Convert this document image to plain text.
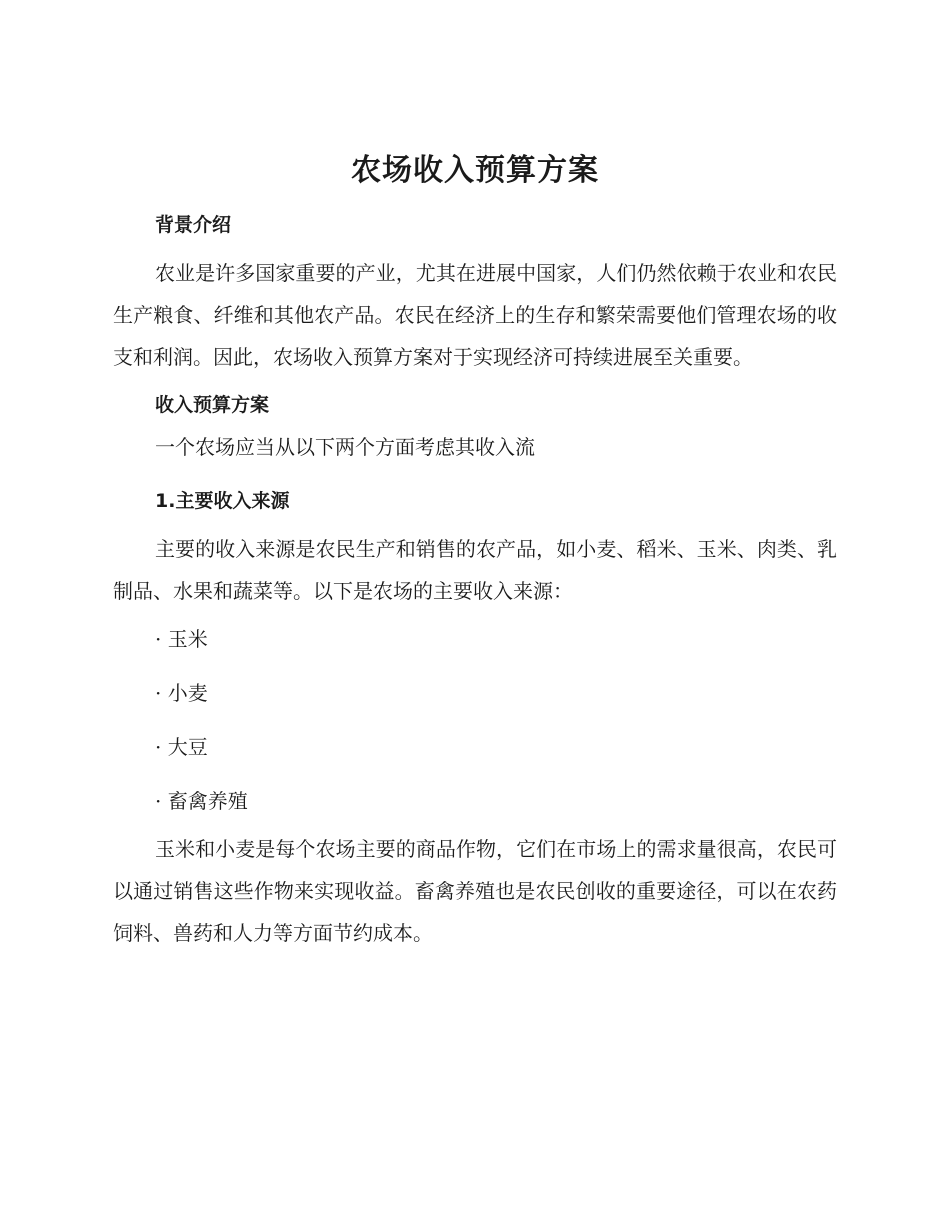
农场收入预算方案
背景介绍

农业是许多国家重要的产业，尤其在进展中国家，人们仍然依赖于农业和农民生产粮食、纤维和其他农产品。农民在经济上的生存和繁荣需要他们管理农场的收支和利润。因此，农场收入预算方案对于实现经济可持续进展至关重要。

收入预算方案

一个农场应当从以下两个方面考虑其收入流

1.主要收入来源

主要的收入来源是农民生产和销售的农产品，如小麦、稻米、玉米、肉类、乳制品、水果和蔬菜等。以下是农场的主要收入来源：

· 玉米

· 小麦

· 大豆

· 畜禽养殖

玉米和小麦是每个农场主要的商品作物，它们在市场上的需求量很高，农民可以通过销售这些作物来实现收益。畜禽养殖也是农民创收的重要途径，可以在农药饲料、兽药和人力等方面节约成本。
